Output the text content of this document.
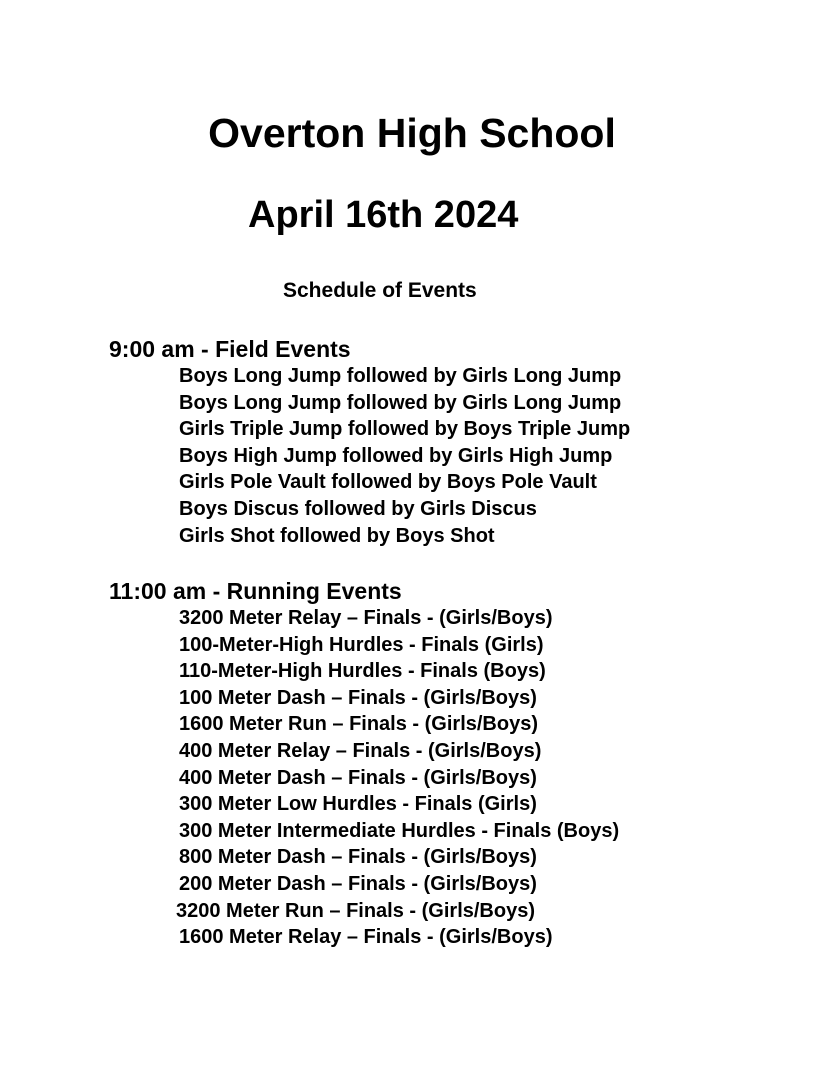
Overton High School
April 16th 2024
Schedule of Events
9:00 am - Field Events
Boys Long Jump followed by Girls Long Jump
Boys Long Jump followed by Girls Long Jump
Girls Triple Jump followed by Boys Triple Jump
Boys High Jump followed by Girls High Jump
Girls Pole Vault followed by Boys Pole Vault
Boys Discus followed by Girls Discus
Girls Shot followed by Boys Shot
11:00 am - Running Events
3200 Meter Relay – Finals - (Girls/Boys)
100-Meter-High Hurdles - Finals (Girls)
110-Meter-High Hurdles - Finals (Boys)
100 Meter Dash – Finals - (Girls/Boys)
1600 Meter Run – Finals - (Girls/Boys)
400 Meter Relay – Finals - (Girls/Boys)
400 Meter Dash – Finals - (Girls/Boys)
300 Meter Low Hurdles - Finals (Girls)
300 Meter Intermediate Hurdles - Finals (Boys)
800 Meter Dash – Finals - (Girls/Boys)
200 Meter Dash – Finals - (Girls/Boys)
3200 Meter Run – Finals - (Girls/Boys)
1600 Meter Relay – Finals - (Girls/Boys)
